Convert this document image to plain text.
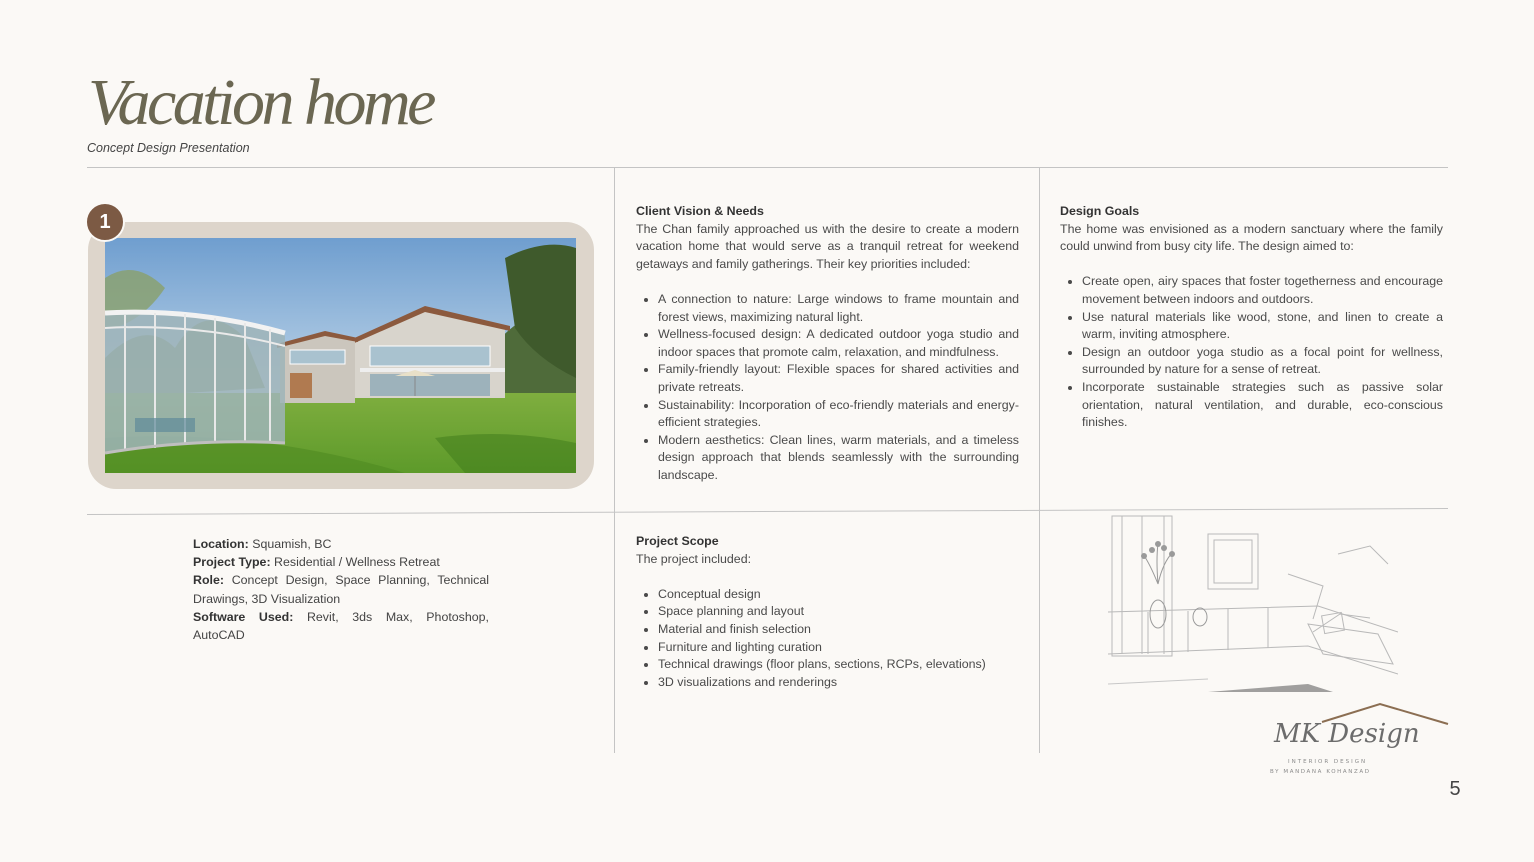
Vacation home
Concept Design Presentation
1
Location: Squamish, BC
Project Type: Residential / Wellness Retreat
Role: Concept Design, Space Planning, Technical Drawings, 3D Visualization
Software Used: Revit, 3ds Max, Photoshop, AutoCAD
Client Vision & Needs

The Chan family approached us with the desire to create a modern vacation home that would serve as a tranquil retreat for weekend getaways and family gatherings. Their key priorities included:

• A connection to nature: Large windows to frame mountain and forest views, maximizing natural light.
• Wellness-focused design: A dedicated outdoor yoga studio and indoor spaces that promote calm, relaxation, and mindfulness.
• Family-friendly layout: Flexible spaces for shared activities and private retreats.
• Sustainability: Incorporation of eco-friendly materials and energy-efficient strategies.
• Modern aesthetics: Clean lines, warm materials, and a timeless design approach that blends seamlessly with the surrounding landscape.
Design Goals

The home was envisioned as a modern sanctuary where the family could unwind from busy city life. The design aimed to:

• Create open, airy spaces that foster togetherness and encourage movement between indoors and outdoors.
• Use natural materials like wood, stone, and linen to create a warm, inviting atmosphere.
• Design an outdoor yoga studio as a focal point for wellness, surrounded by nature for a sense of retreat.
• Incorporate sustainable strategies such as passive solar orientation, natural ventilation, and durable, eco-conscious finishes.
Project Scope

The project included:

• Conceptual design
• Space planning and layout
• Material and finish selection
• Furniture and lighting curation
• Technical drawings (floor plans, sections, RCPs, elevations)
• 3D visualizations and renderings
MK Design
INTERIOR DESIGN
BY MANDANA KOHANZAD
5
